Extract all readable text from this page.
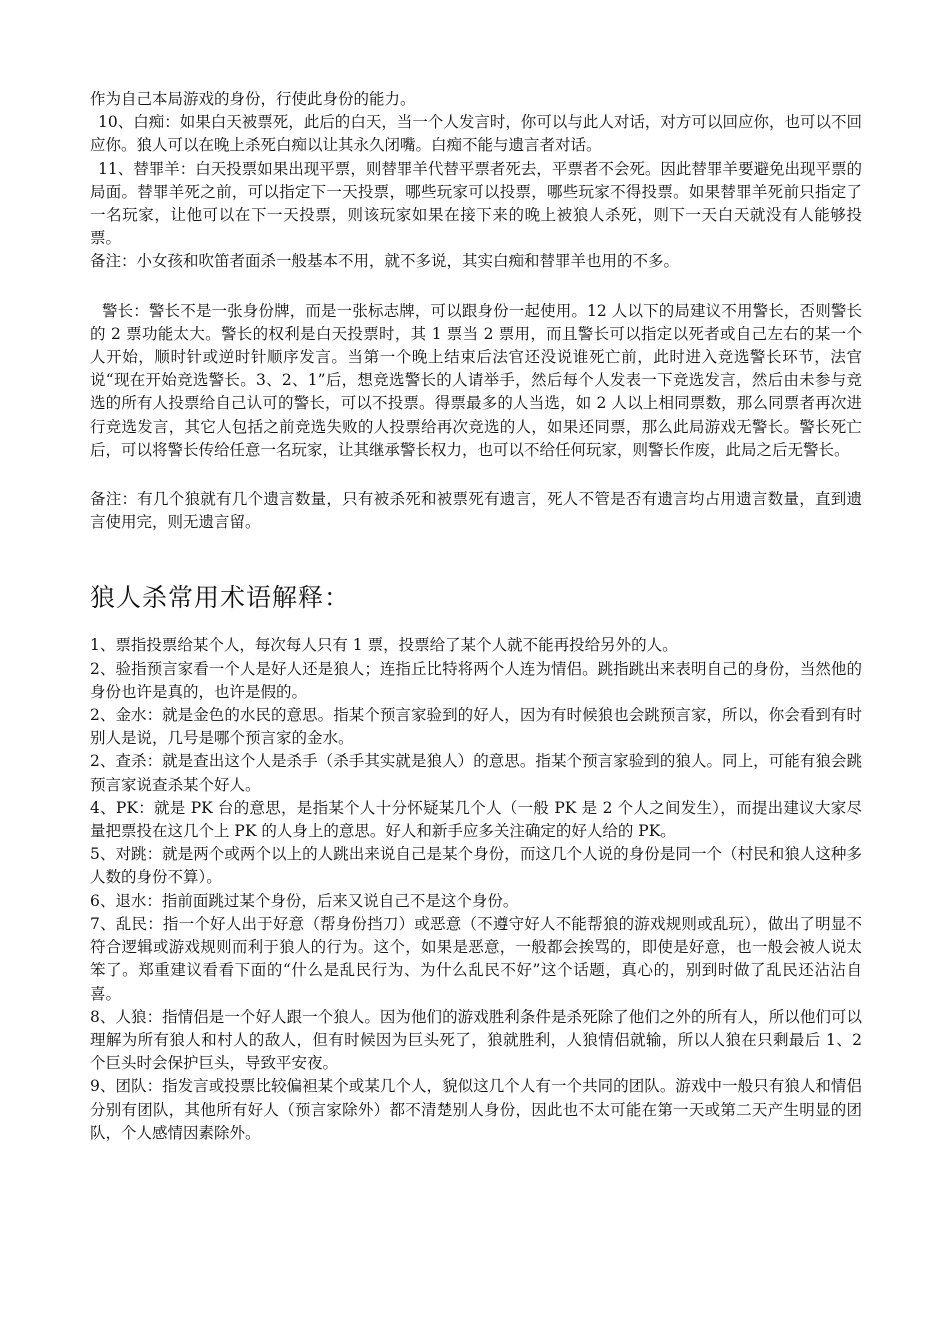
作为自己本局游戏的身份，行使此身份的能力。

10、白痴：如果白天被票死，此后的白天，当一个人发言时，你可以与此人对话，对方可以回应你，也可以不回应你。狼人可以在晚上杀死白痴以让其永久闭嘴。白痴不能与遗言者对话。

11、替罪羊：白天投票如果出现平票，则替罪羊代替平票者死去，平票者不会死。因此替罪羊要避免出现平票的局面。替罪羊死之前，可以指定下一天投票，哪些玩家可以投票，哪些玩家不得投票。如果替罪羊死前只指定了一名玩家，让他可以在下一天投票，则该玩家如果在接下来的晚上被狼人杀死，则下一天白天就没有人能够投票。

备注：小女孩和吹笛者面杀一般基本不用，就不多说，其实白痴和替罪羊也用的不多。

警长：警长不是一张身份牌，而是一张标志牌，可以跟身份一起使用。12 人以下的局建议不用警长，否则警长的 2 票功能太大。警长的权利是白天投票时，其 1 票当 2 票用，而且警长可以指定以死者或自己左右的某一个人开始，顺时针或逆时针顺序发言。当第一个晚上结束后法官还没说谁死亡前，此时进入竞选警长环节，法官说“现在开始竞选警长。3、2、1”后，想竞选警长的人请举手，然后每个人发表一下竞选发言，然后由未参与竞选的所有人投票给自己认可的警长，可以不投票。得票最多的人当选，如 2 人以上相同票数，那么同票者再次进行竞选发言，其它人包括之前竞选失败的人投票给再次竞选的人，如果还同票，那么此局游戏无警长。警长死亡后，可以将警长传给任意一名玩家，让其继承警长权力，也可以不给任何玩家，则警长作废，此局之后无警长。

备注：有几个狼就有几个遗言数量，只有被杀死和被票死有遗言，死人不管是否有遗言均占用遗言数量，直到遗言使用完，则无遗言留。

狼人杀常用术语解释：

1、票指投票给某个人，每次每人只有 1 票，投票给了某个人就不能再投给另外的人。

2、验指预言家看一个人是好人还是狼人；连指丘比特将两个人连为情侣。跳指跳出来表明自己的身份，当然他的身份也许是真的，也许是假的。

2、金水：就是金色的水民的意思。指某个预言家验到的好人，因为有时候狼也会跳预言家，所以，你会看到有时别人是说，几号是哪个预言家的金水。

2、查杀：就是查出这个人是杀手（杀手其实就是狼人）的意思。指某个预言家验到的狼人。同上，可能有狼会跳预言家说查杀某个好人。

4、PK：就是 PK 台的意思，是指某个人十分怀疑某几个人（一般 PK 是 2 个人之间发生），而提出建议大家尽量把票投在这几个上 PK 的人身上的意思。好人和新手应多关注确定的好人给的 PK。

5、对跳：就是两个或两个以上的人跳出来说自己是某个身份，而这几个人说的身份是同一个（村民和狼人这种多人数的身份不算）。

6、退水：指前面跳过某个身份，后来又说自己不是这个身份。

7、乱民：指一个好人出于好意（帮身份挡刀）或恶意（不遵守好人不能帮狼的游戏规则或乱玩），做出了明显不符合逻辑或游戏规则而利于狼人的行为。这个，如果是恶意，一般都会挨骂的，即使是好意，也一般会被人说太笨了。郑重建议看看下面的“什么是乱民行为、为什么乱民不好”这个话题，真心的，别到时做了乱民还沾沾自喜。

8、人狼：指情侣是一个好人跟一个狼人。因为他们的游戏胜利条件是杀死除了他们之外的所有人，所以他们可以理解为所有狼人和村人的敌人，但有时候因为巨头死了，狼就胜利，人狼情侣就输，所以人狼在只剩最后 1、2 个巨头时会保护巨头，导致平安夜。

9、团队：指发言或投票比较偏袒某个或某几个人，貌似这几个人有一个共同的团队。游戏中一般只有狼人和情侣分别有团队，其他所有好人（预言家除外）都不清楚别人身份，因此也不太可能在第一天或第二天产生明显的团队，个人感情因素除外。
